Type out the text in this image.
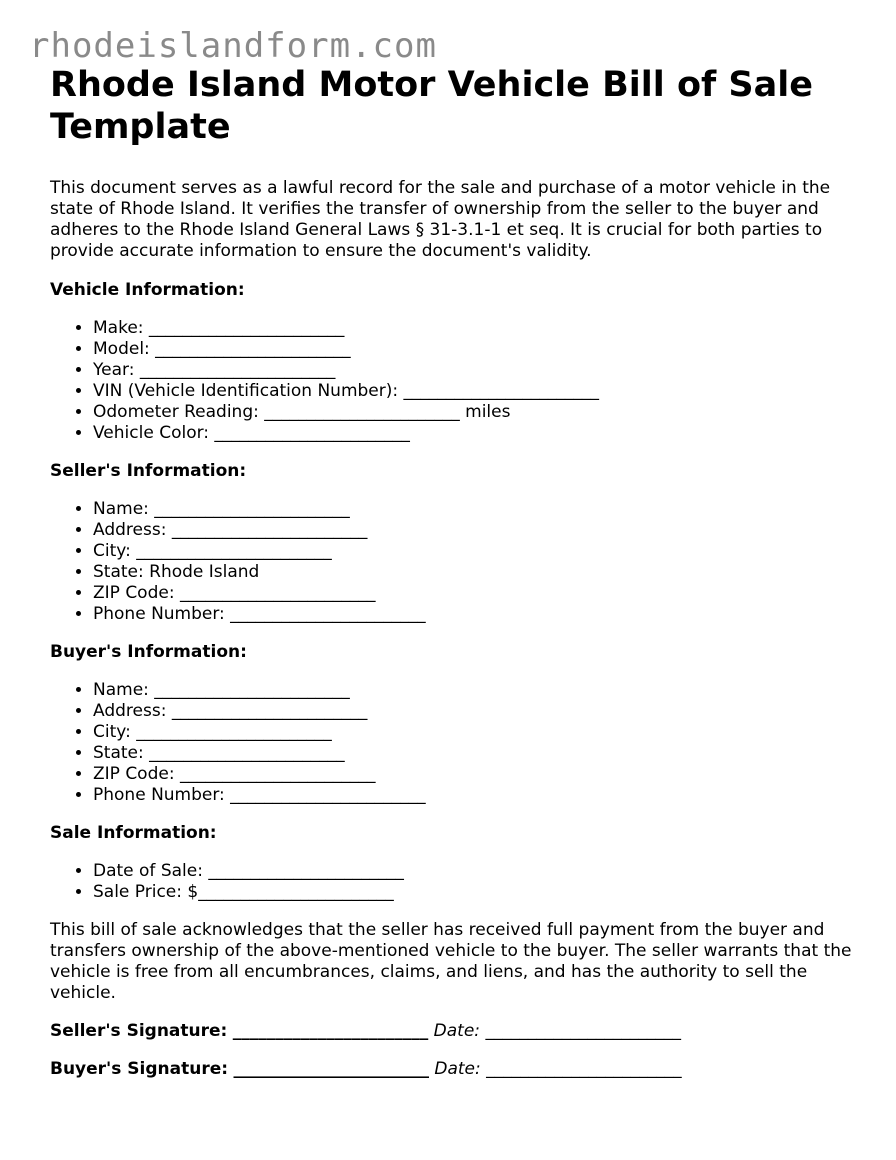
rhodeislandform.com
Rhode Island Motor Vehicle Bill of Sale Template

This document serves as a lawful record for the sale and purchase of a motor vehicle in the state of Rhode Island. It verifies the transfer of ownership from the seller to the buyer and adheres to the Rhode Island General Laws § 31-3.1-1 et seq. It is crucial for both parties to provide accurate information to ensure the document's validity.

Vehicle Information:
• Make: _______________________
• Model: _______________________
• Year: _______________________
• VIN (Vehicle Identification Number): _______________________
• Odometer Reading: _______________________ miles
• Vehicle Color: _______________________
Seller's Information:
• Name: _______________________
• Address: _______________________
• City: _______________________
• State: Rhode Island
• ZIP Code: _______________________
• Phone Number: _______________________
Buyer's Information:
• Name: _______________________
• Address: _______________________
• City: _______________________
• State: _______________________
• ZIP Code: _______________________
• Phone Number: _______________________
Sale Information:
• Date of Sale: _______________________
• Sale Price: $_______________________

This bill of sale acknowledges that the seller has received full payment from the buyer and transfers ownership of the above-mentioned vehicle to the buyer. The seller warrants that the vehicle is free from all encumbrances, claims, and liens, and has the authority to sell the vehicle.

Seller's Signature: _______________________ Date: _______________________
Buyer's Signature: _______________________ Date: _______________________
